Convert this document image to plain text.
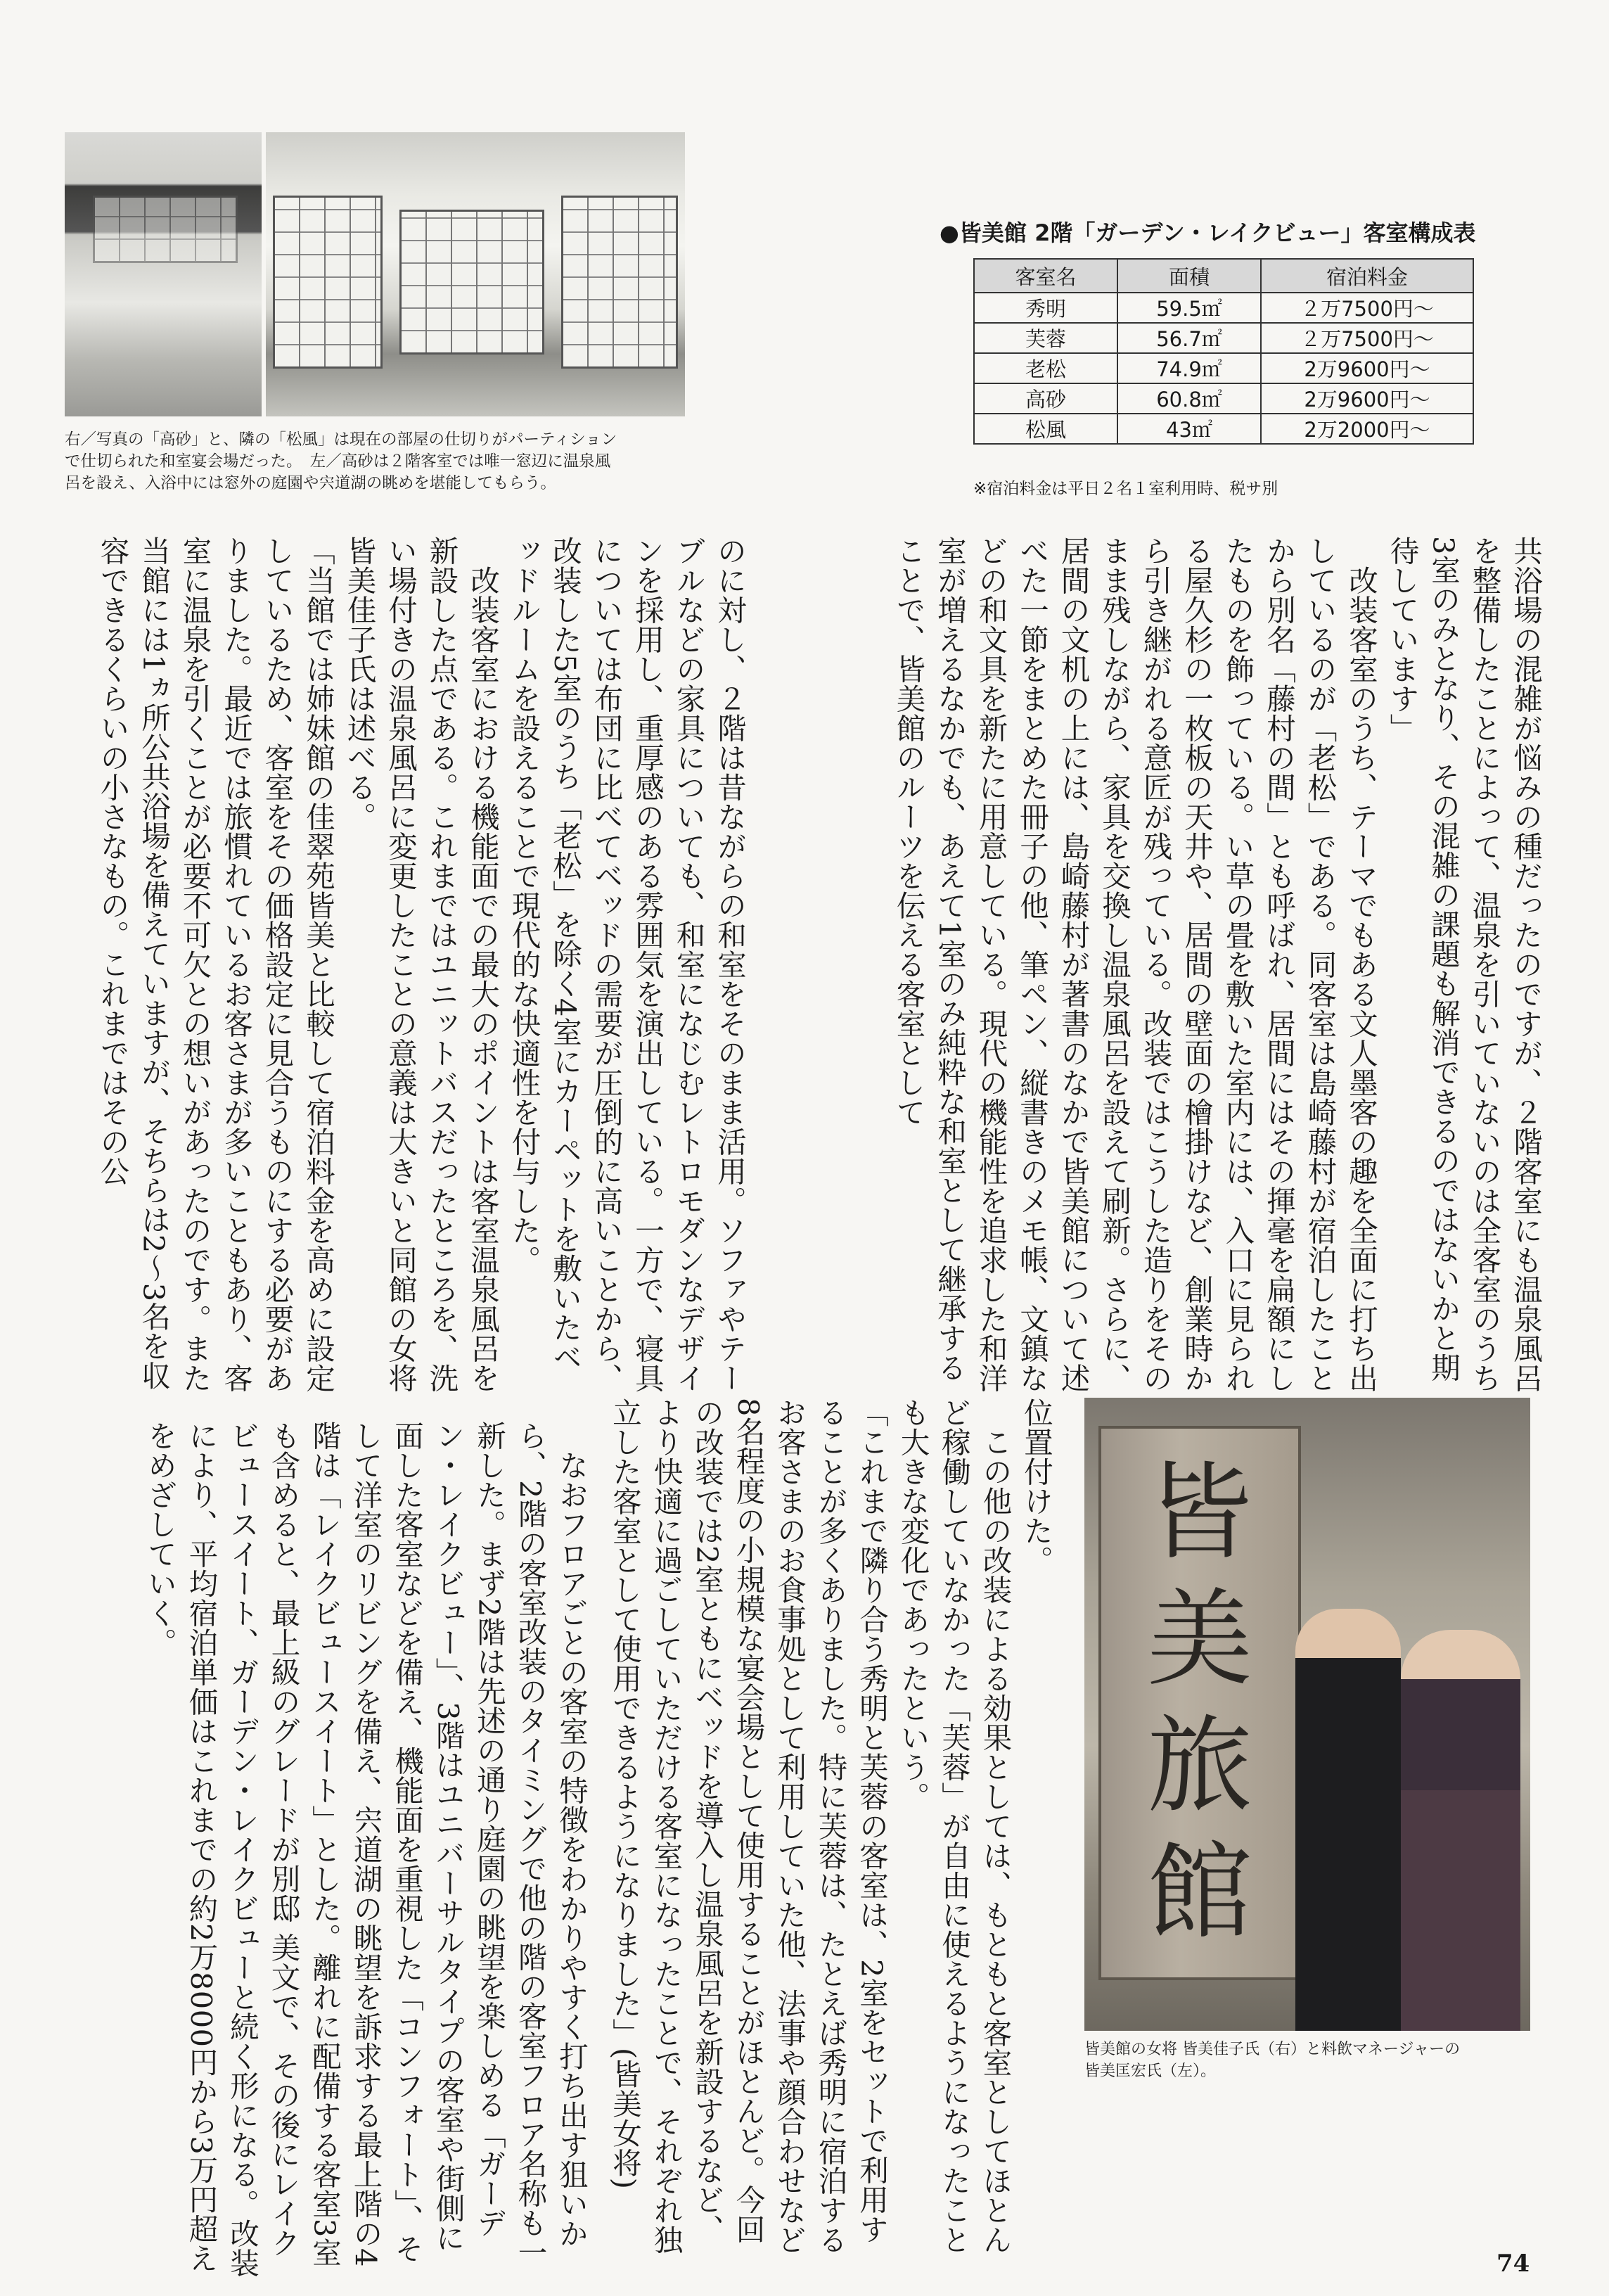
右／写真の「高砂」と、隣の「松風」は現在の部屋の仕切りがパーティション
で仕切られた和室宴会場だった。　左／高砂は２階客室では唯一窓辺に温泉風
呂を設え、入浴中には窓外の庭園や宍道湖の眺めを堪能してもらう。
●皆美館 2階「ガーデン・レイクビュー」客室構成表
客室名	面積	宿泊料金
秀明	59.5㎡	２万7500円～
芙蓉	56.7㎡	２万7500円～
老松	74.9㎡	2万9600円～
高砂	60.8㎡	2万9600円～
松風	43㎡	2万2000円～
※宿泊料金は平日２名１室利用時、税サ別

のに対し、２階は昔ながらの和室をそのまま活用。ソファやテーブルなどの家具についても、和室になじむレトロモダンなデザインを採用し、重厚感のある雰囲気を演出している。一方で、寝具については布団に比べてベッドの需要が圧倒的に高いことから、改装した5室のうち「老松」を除く4室にカーペットを敷いたベッドルームを設えることで現代的な快適性を付与した。

　改装客室における機能面での最大のポイントは客室温泉風呂を新設した点である。これまではユニットバスだったところを、洗い場付きの温泉風呂に変更したことの意義は大きいと同館の女将 皆美佳子氏は述べる。

「当館では姉妹館の佳翠苑皆美と比較して宿泊料金を高めに設定しているため、客室をその価格設定に見合うものにする必要がありました。最近では旅慣れているお客さまが多いこともあり、客室に温泉を引くことが必要不可欠との想いがあったのです。また当館には1ヵ所公共浴場を備えていますが、そちらは2～3名を収容できるくらいの小さなもの。これまではその公	共浴場の混雑が悩みの種だったのですが、２階客室にも温泉風呂を整備したことによって、温泉を引いていないのは全客室のうち3室のみとなり、その混雑の課題も解消できるのではないかと期待しています」

　改装客室のうち、テーマでもある文人墨客の趣を全面に打ち出しているのが「老松」である。同客室は島崎藤村が宿泊したことから別名「藤村の間」とも呼ばれ、居間にはその揮毫を扁額にしたものを飾っている。い草の畳を敷いた室内には、入口に見られる屋久杉の一枚板の天井や、居間の壁面の檜掛けなど、創業時から引き継がれる意匠が残っている。改装ではこうした造りをそのまま残しながら、家具を交換し温泉風呂を設えて刷新。さらに、居間の文机の上には、島崎藤村が著書のなかで皆美館について述べた一節をまとめた冊子の他、筆ペン、縦書きのメモ帳、文鎮などの和文具を新たに用意している。現代の機能性を追求した和洋室が増えるなかでも、あえて1室のみ純粋な和室として継承することで、皆美館のルーツを伝える客室として

　なおフロアごとの客室の特徴をわかりやすく打ち出す狙いから、2階の客室改装のタイミングで他の階の客室フロア名称も一新した。まず2階は先述の通り庭園の眺望を楽しめる「ガーデン・レイクビュー」、3階はユニバーサルタイプの客室や街側に面した客室などを備え、機能面を重視した「コンフォート」、そして洋室のリビングを備え、宍道湖の眺望を訴求する最上階の4階は「レイクビュースイート」とした。離れに配備する客室3室も含めると、最上級のグレードが別邸 美文で、その後にレイクビュースイート、ガーデン・レイクビューと続く形になる。改装により、平均宿泊単価はこれまでの約2万8000円から3万円超えをめざしていく。	位置付けた。

　この他の改装による効果としては、もともと客室としてほとんど稼働していなかった「芙蓉」が自由に使えるようになったことも大きな変化であったという。

「これまで隣り合う秀明と芙蓉の客室は、2室をセットで利用することが多くありました。特に芙蓉は、たとえば秀明に宿泊するお客さまのお食事処として利用していた他、法事や顔合わせなど8名程度の小規模な宴会場として使用することがほとんど。今回の改装では2室ともにベッドを導入し温泉風呂を新設するなど、より快適に過ごしていただける客室になったことで、それぞれ独立した客室として使用できるようになりました」(皆美女将)	皆
美
旅
館
皆美館の女将 皆美佳子氏（右）と料飲マネージャーの
皆美匡宏氏（左）。
74
